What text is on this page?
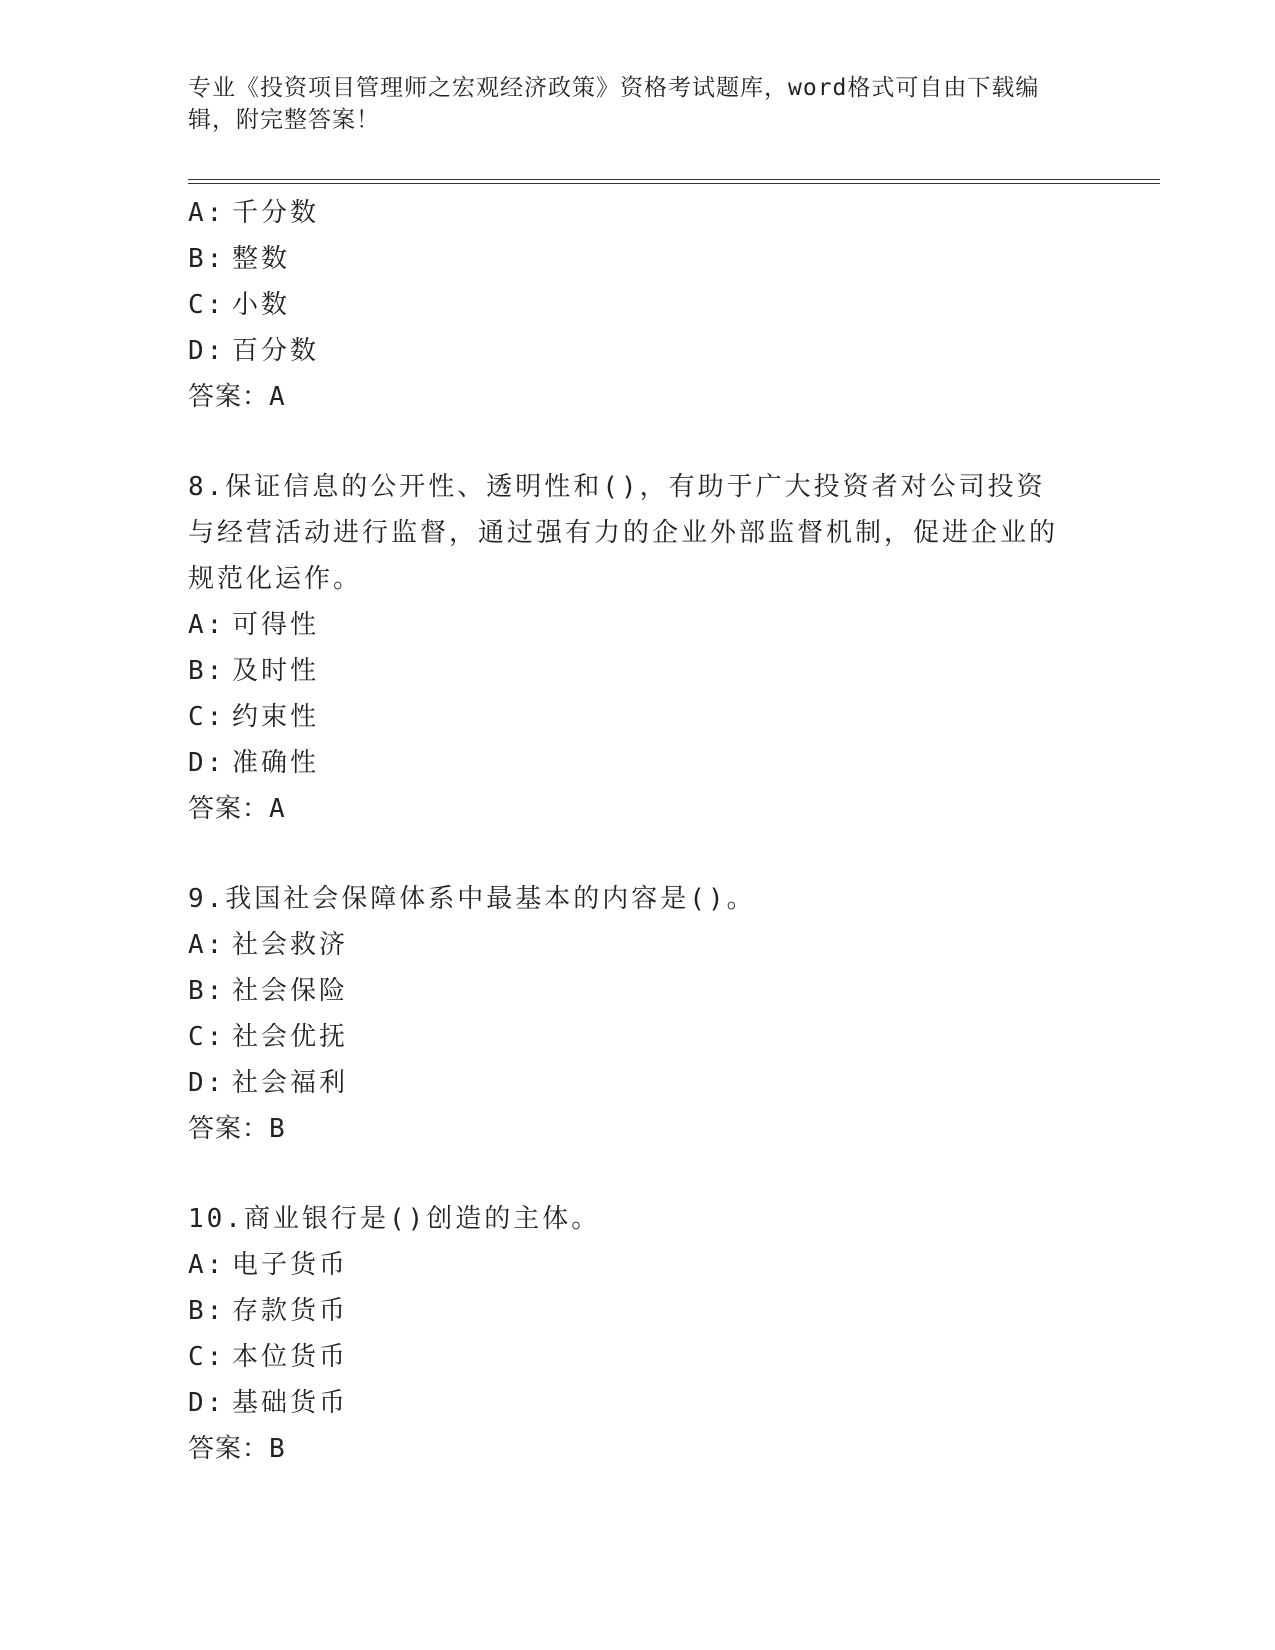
专业《投资项目管理师之宏观经济政策》资格考试题库，word格式可自由下载编辑，附完整答案！
A: 千分数
B: 整数
C: 小数
D: 百分数
答案：A
8.保证信息的公开性、透明性和()，有助于广大投资者对公司投资与经营活动进行监督，通过强有力的企业外部监督机制，促进企业的规范化运作。
A: 可得性
B: 及时性
C: 约束性
D: 准确性
答案：A
9.我国社会保障体系中最基本的内容是()。
A: 社会救济
B: 社会保险
C: 社会优抚
D: 社会福利
答案：B
10.商业银行是()创造的主体。
A: 电子货币
B: 存款货币
C: 本位货币
D: 基础货币
答案：B
